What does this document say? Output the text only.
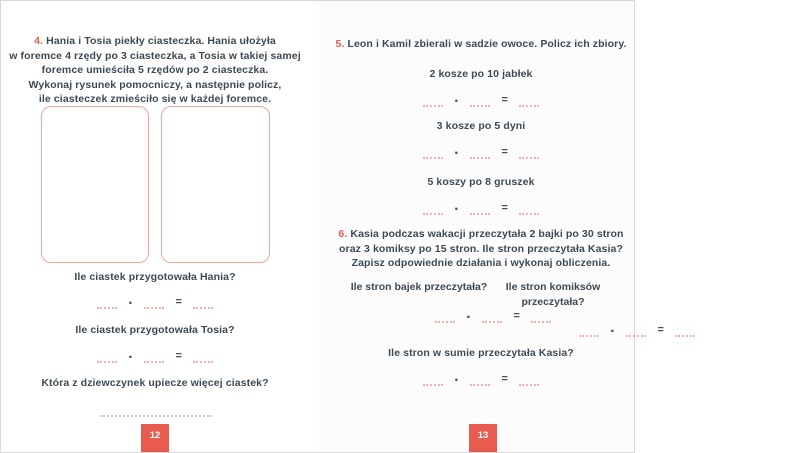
4. Hania i Tosia piekły ciasteczka. Hania ułożyła
w foremce 4 rzędy po 3 ciasteczka, a Tosia w takiej samej
foremce umieściła 5 rzędów po 2 ciasteczka.
Wykonaj rysunek pomocniczy, a następnie policz,
ile ciasteczek zmieściło się w każdej foremce.
Ile ciastek przygotowała Hania?
·	=
Ile ciastek przygotowała Tosia?
·	=
Która z dziewczynek upiecze więcej ciastek?
12
5. Leon i Kamil zbierali w sadzie owoce. Policz ich zbiory.
2 kosze po 10 jabłek
·	=
3 kosze po 5 dyni
·	=
5 koszy po 8 gruszek
·	=
6. Kasia podczas wakacji przeczytała 2 bajki po 30 stron
oraz 3 komiksy po 15 stron. Ile stron przeczytała Kasia?
Zapisz odpowiednie działania i wykonaj obliczenia.
Ile stron bajek przeczytała?
·	=
Ile stron komiksów przeczytała?
·	=
Ile stron w sumie przeczytała Kasia?
·	=
13
